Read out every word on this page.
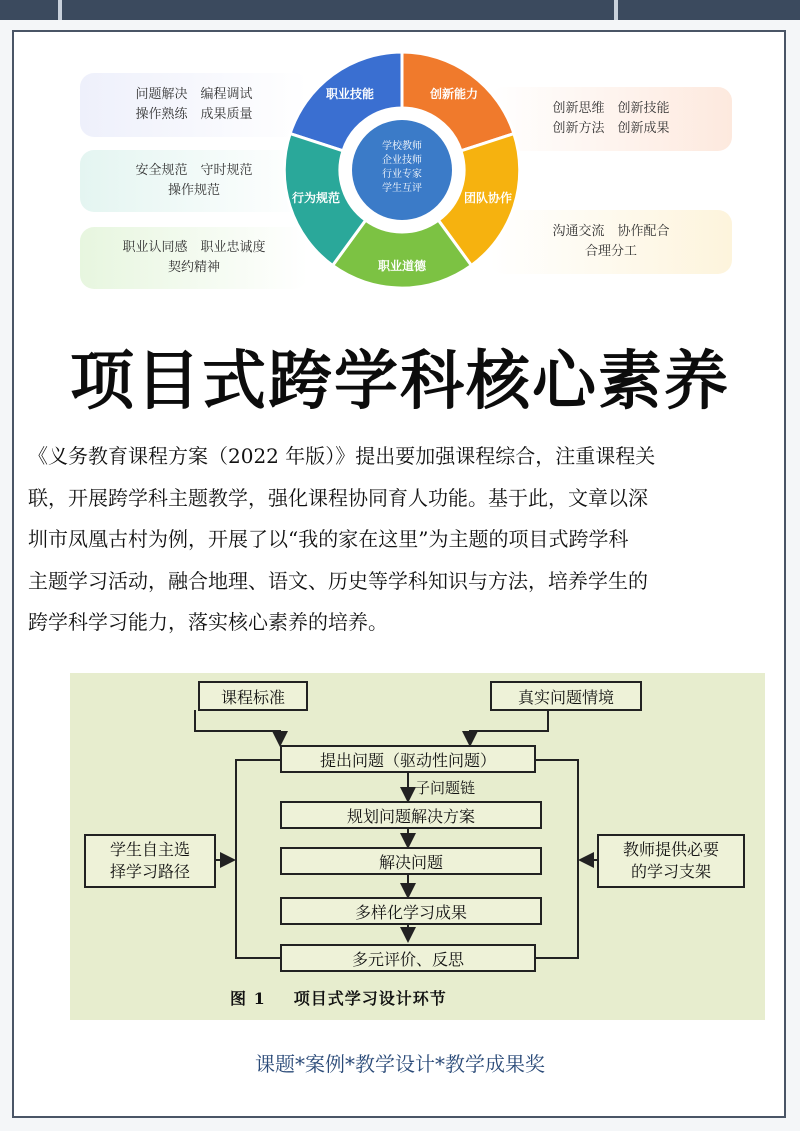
问题解决　编程调试
操作熟练　成果质量
安全规范　守时规范
操作规范
职业认同感　职业忠诚度
契约精神
创新思维　创新技能
创新方法　创新成果
沟通交流　协作配合
合理分工
学校教师
企业技师
行业专家
学生互评
职业技能	创新能力
团队协作
职业道德
行为规范
项目式跨学科核心素养
《义务教育课程方案（2022 年版）》提出要加强课程综合，注重课程关
联，开展跨学科主题教学，强化课程协同育人功能。基于此，文章以深
圳市凤凰古村为例，开展了以“我的家在这里”为主题的项目式跨学科
主题学习活动，融合地理、语文、历史等学科知识与方法，培养学生的
跨学科学习能力，落实核心素养的培养。
课程标准	真实问题情境
提出问题（驱动性问题）
子问题链
规划问题解决方案
解决问题
多样化学习成果
多元评价、反思
学生自主选
择学习路径
教师提供必要
的学习支架
图 1 项目式学习设计环节
课题*案例*教学设计*教学成果奖
